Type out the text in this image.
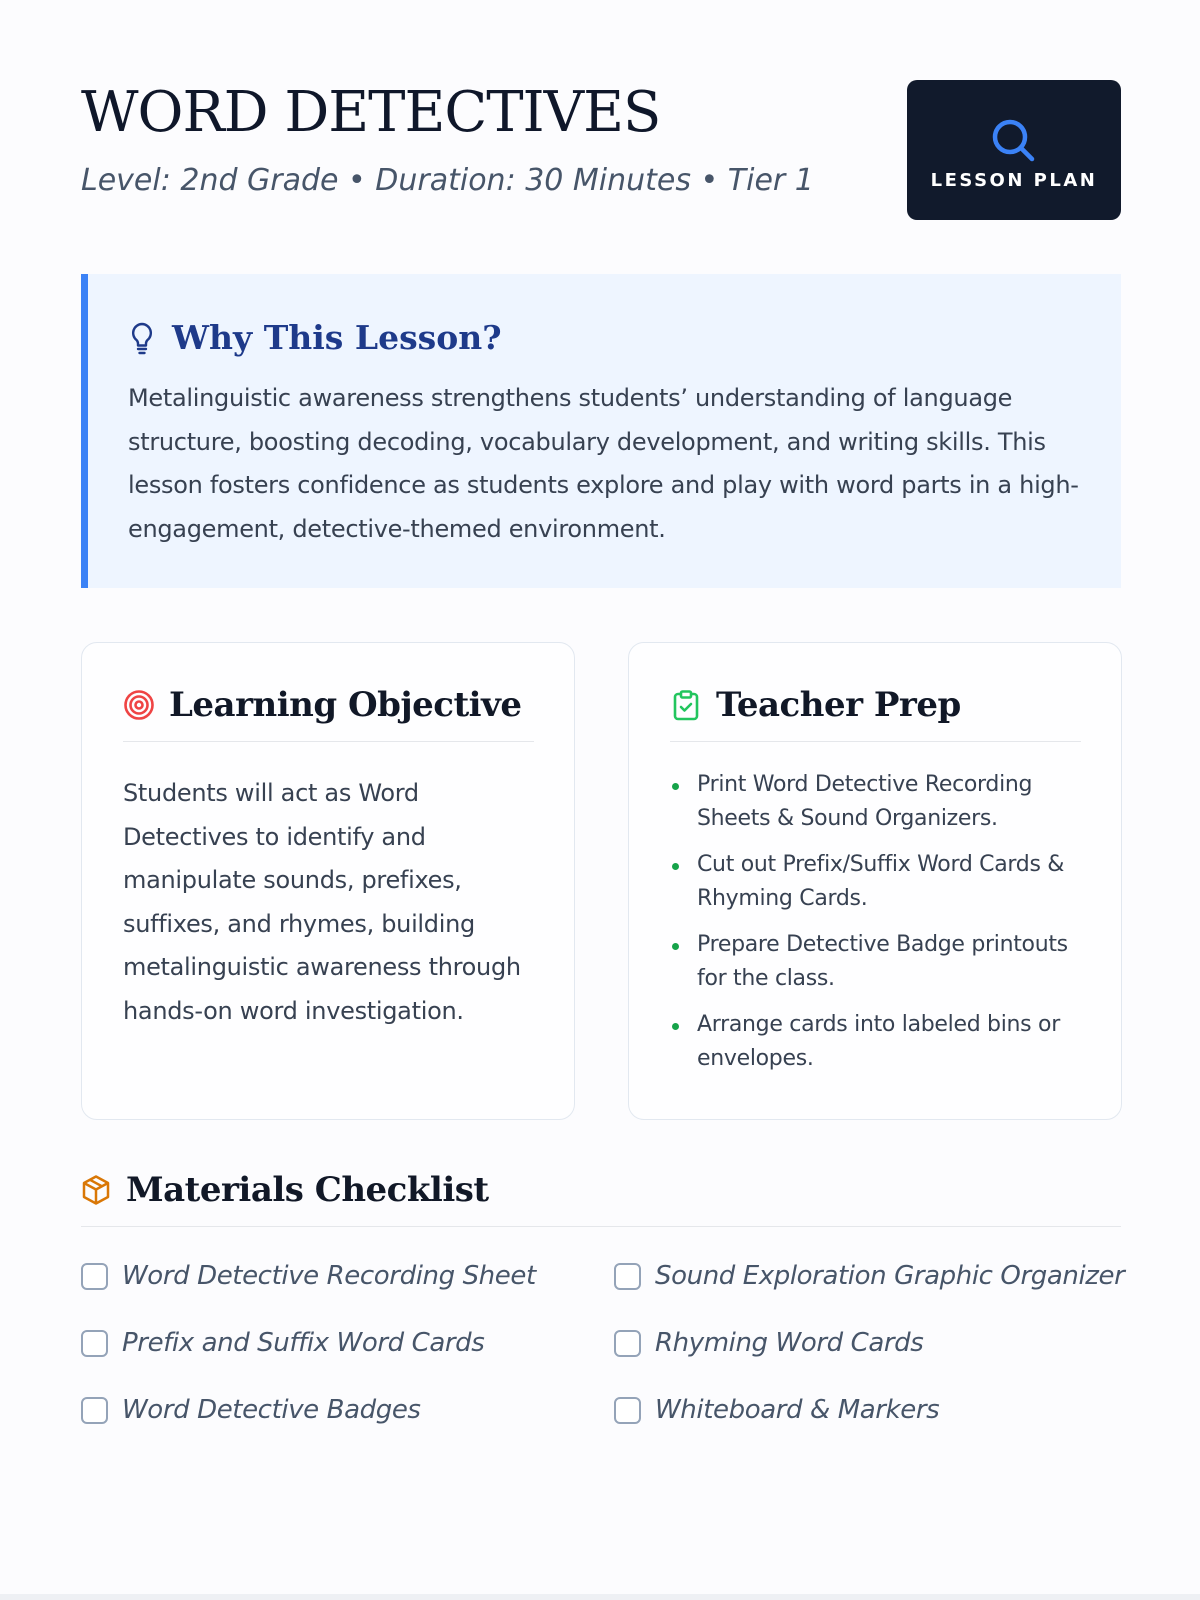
WORD DETECTIVES
Level: 2nd Grade • Duration: 30 Minutes • Tier 1	LESSON PLAN
Why This Lesson?

Metalinguistic awareness strengthens students’ understanding of language structure, boosting decoding, vocabulary development, and writing skills. This lesson fosters confidence as students explore and play with word parts in a high-engagement, detective-themed environment.

Learning Objective

Students will act as Word Detectives to identify and manipulate sounds, prefixes, suffixes, and rhymes, building metalinguistic awareness through hands-on word investigation.

Teacher Prep
Print Word Detective Recording Sheets & Sound Organizers.
Cut out Prefix/Suffix Word Cards & Rhyming Cards.
Prepare Detective Badge printouts for the class.
Arrange cards into labeled bins or envelopes.
Materials Checklist
Word Detective Recording Sheet	Sound Exploration Graphic Organizer
Prefix and Suffix Word Cards	Rhyming Word Cards
Word Detective Badges	Whiteboard & Markers
